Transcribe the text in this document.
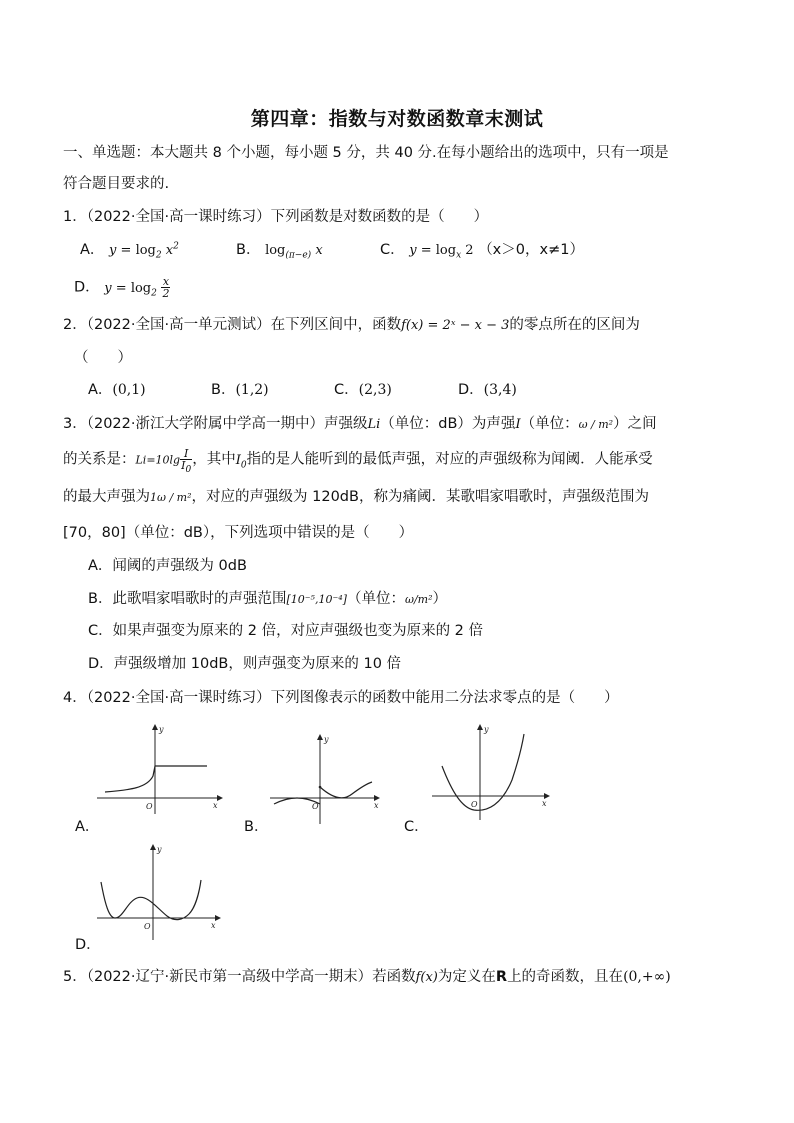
第四章：指数与对数函数章末测试
一、单选题：本大题共 8 个小题，每小题 5 分，共 40 分.在每小题给出的选项中，只有一项是
符合题目要求的.
1．（2022·全国·高一课时练习）下列函数是对数函数的是（　　）
A． $y = \log_2 x^2$	B． $\log_{(\pi-e)} x$	C． $y = \log_x 2$ （x＞0，x≠1）
D． $y = \log_2 \frac{x}{2}$
2．（2022·全国·高一单元测试）在下列区间中，函数f(x) = 2ˣ − x − 3的零点所在的区间为
（　　）
A．(0,1)	B．(1,2)	C．(2,3)	D．(3,4)
3．（2022·浙江大学附属中学高一期中）声强级Li（单位：dB）为声强I（单位：ω / m²）之间
的关系是：$Li=10\lg \frac{I}{I_0}$ ，其中$I_0$指的是人能听到的最低声强，对应的声强级称为闻阈．人能承受
的最大声强为1ω / m²，对应的声强级为 120dB，称为痛阈．某歌唱家唱歌时，声强级范围为
[70，80]（单位：dB），下列选项中错误的是（　　）
A．闻阈的声强级为 0dB
B．此歌唱家唱歌时的声强范围[10⁻⁵,10⁻⁴]（单位：ω/m²）
C．如果声强变为原来的 2 倍，对应声强级也变为原来的 2 倍
D．声强级增加 10dB，则声强变为原来的 10 倍
4．（2022·全国·高一课时练习）下列图像表示的函数中能用二分法求零点的是（　　）
y
x
O
A．
y
x
O
B．
y
x
O
C．
y
x
O
D．
5．（2022·辽宁·新民市第一高级中学高一期末）若函数f(x)为定义在R上的奇函数，且在(0,+∞)
